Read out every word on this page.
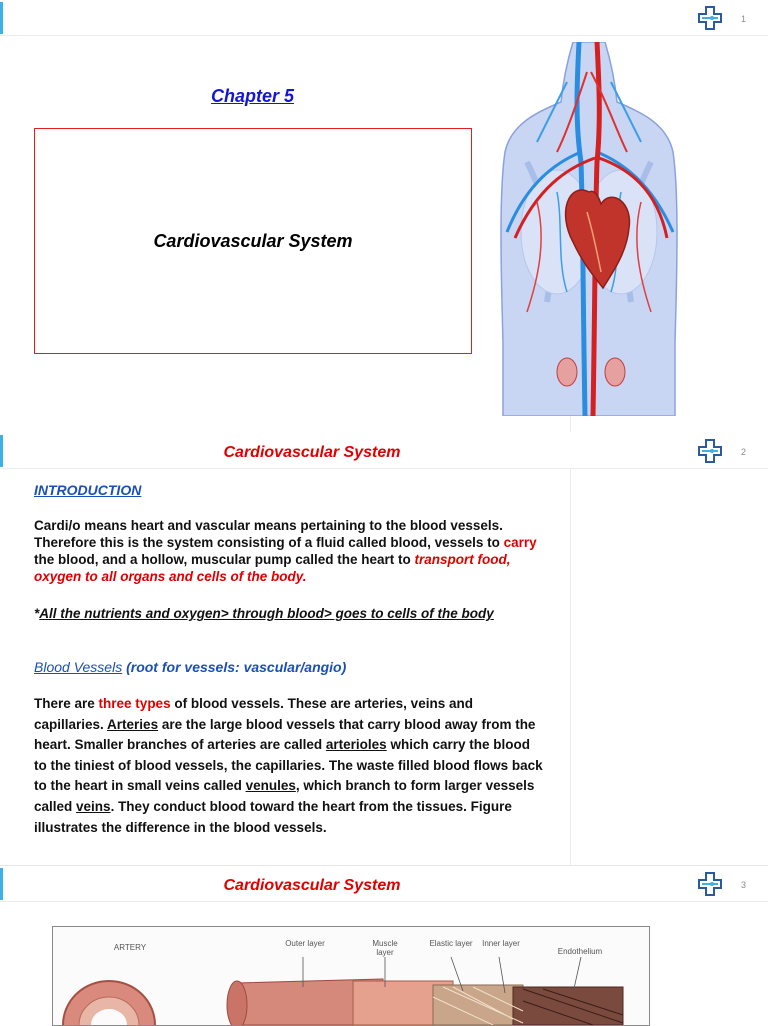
1
Chapter 5
Cardiovascular System
2
Cardiovascular System
INTRODUCTION
Cardi/o means heart and vascular means pertaining to the blood vessels. Therefore this is the system consisting of a fluid called blood, vessels to carry the blood, and a hollow, muscular pump called the heart to transport food, oxygen to all organs and cells of the body.
*All the nutrients and oxygen> through blood> goes to cells of the body
Blood Vessels (root for vessels: vascular/angio)
There are three types of blood vessels. These are arteries, veins and capillaries. Arteries are the large blood vessels that carry blood away from the heart. Smaller branches of arteries are called arterioles which carry the blood to the tiniest of blood vessels, the capillaries. The waste filled blood flows back to the heart in small veins called venules, which branch to form larger vessels called veins. They conduct blood toward the heart from the tissues. Figure illustrates the difference in the blood vessels.
3
Cardiovascular System
ARTERY	Outer layer	Muscle layer
Elastic layer Inner layer
Endothelium
